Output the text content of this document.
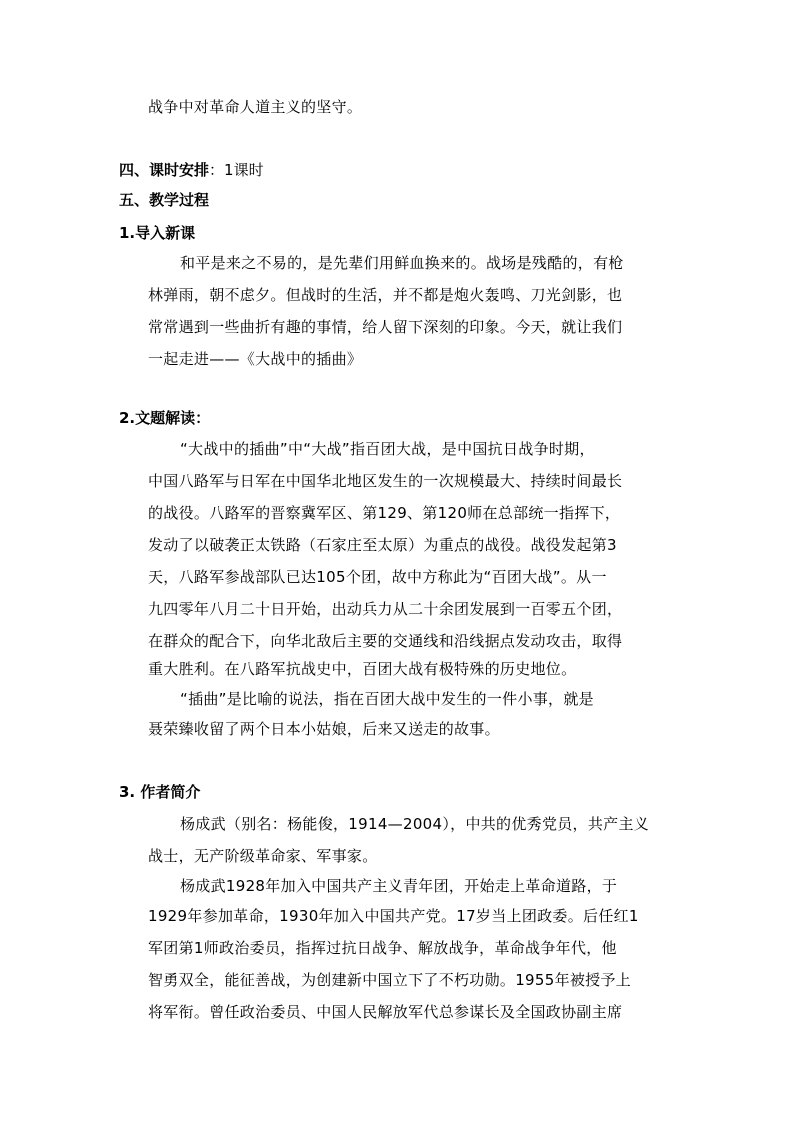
战争中对革命人道主义的坚守。
四、课时安排：1课时
五、教学过程
1.导入新课
和平是来之不易的，是先辈们用鲜血换来的。战场是残酷的，有枪
林弹雨，朝不虑夕。但战时的生活，并不都是炮火轰鸣、刀光剑影，也
常常遇到一些曲折有趣的事情，给人留下深刻的印象。今天，就让我们
一起走进——《大战中的插曲》
2.文题解读：
“大战中的插曲”中“大战”指百团大战，是中国抗日战争时期，
中国八路军与日军在中国华北地区发生的一次规模最大、持续时间最长
的战役。八路军的晋察冀军区、第129、第120师在总部统一指挥下，
发动了以破袭正太铁路（石家庄至太原）为重点的战役。战役发起第3
天，八路军参战部队已达105个团，故中方称此为“百团大战”。从一
九四零年八月二十日开始，出动兵力从二十余团发展到一百零五个团，
在群众的配合下，向华北敌后主要的交通线和沿线据点发动攻击，取得
重大胜利。在八路军抗战史中，百团大战有极特殊的历史地位。
“插曲”是比喻的说法，指在百团大战中发生的一件小事，就是
聂荣臻收留了两个日本小姑娘，后来又送走的故事。
3. 作者简介
杨成武（别名：杨能俊，1914—2004），中共的优秀党员，共产主义
战士，无产阶级革命家、军事家。
杨成武1928年加入中国共产主义青年团，开始走上革命道路，于
1929年参加革命，1930年加入中国共产党。17岁当上团政委。后任红1
军团第1师政治委员，指挥过抗日战争、解放战争，革命战争年代，他
智勇双全，能征善战，为创建新中国立下了不朽功勋。1955年被授予上
将军衔。曾任政治委员、中国人民解放军代总参谋长及全国政协副主席
